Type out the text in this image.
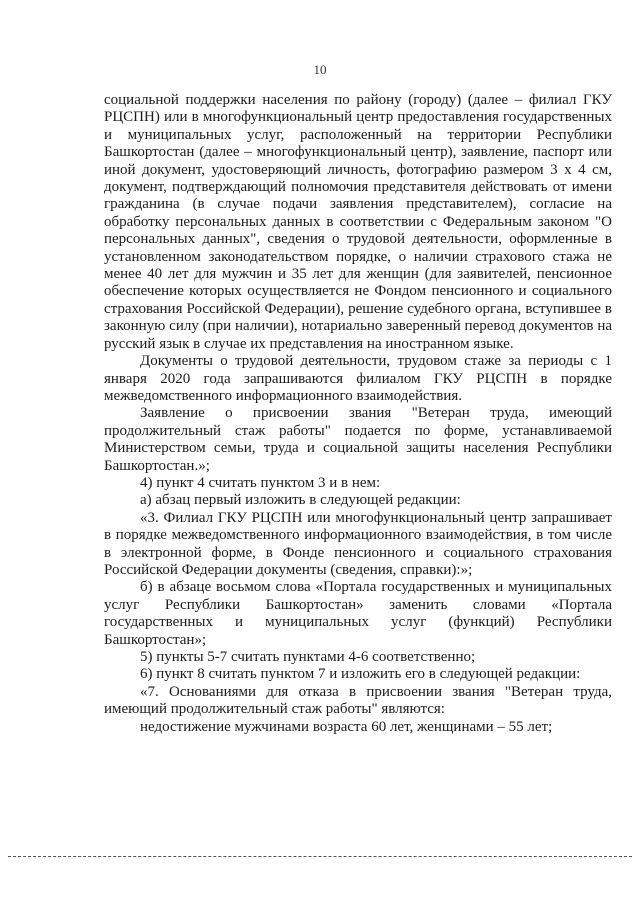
10

социальной поддержки населения по району (городу) (далее – филиал ГКУ РЦСПН) или в многофункциональный центр предоставления государственных и муниципальных услуг, расположенный на территории Республики Башкортостан (далее – многофункциональный центр), заявление, паспорт или иной документ, удостоверяющий личность, фотографию размером 3 х 4 см, документ, подтверждающий полномочия представителя действовать от имени гражданина (в случае подачи заявления представителем), согласие на обработку персональных данных в соответствии с Федеральным законом "О персональных данных", сведения о трудовой деятельности, оформленные в установленном законодательством порядке, о наличии страхового стажа не менее 40 лет для мужчин и 35 лет для женщин (для заявителей, пенсионное обеспечение которых осуществляется не Фондом пенсионного и социального страхования Российской Федерации), решение судебного органа, вступившее в законную силу (при наличии), нотариально заверенный перевод документов на русский язык в случае их представления на иностранном языке.

Документы о трудовой деятельности, трудовом стаже за периоды с 1 января 2020 года запрашиваются филиалом ГКУ РЦСПН в порядке межведомственного информационного взаимодействия.

Заявление о присвоении звания "Ветеран труда, имеющий продолжительный стаж работы" подается по форме, устанавливаемой Министерством семьи, труда и социальной защиты населения Республики Башкортостан.»;

4) пункт 4 считать пунктом 3 и в нем:

а) абзац первый изложить в следующей редакции:

«3. Филиал ГКУ РЦСПН или многофункциональный центр запрашивает в порядке межведомственного информационного взаимодействия, в том числе в электронной форме, в Фонде пенсионного и социального страхования Российской Федерации документы (сведения, справки):»;

б) в абзаце восьмом слова «Портала государственных и муниципальных услуг Республики Башкортостан» заменить словами «Портала государственных и муниципальных услуг (функций) Республики Башкортостан»;

5) пункты 5-7 считать пунктами 4-6 соответственно;

6) пункт 8 считать пунктом 7 и изложить его в следующей редакции:

«7. Основаниями для отказа в присвоении звания "Ветеран труда, имеющий продолжительный стаж работы" являются:

недостижение мужчинами возраста 60 лет, женщинами – 55 лет;
